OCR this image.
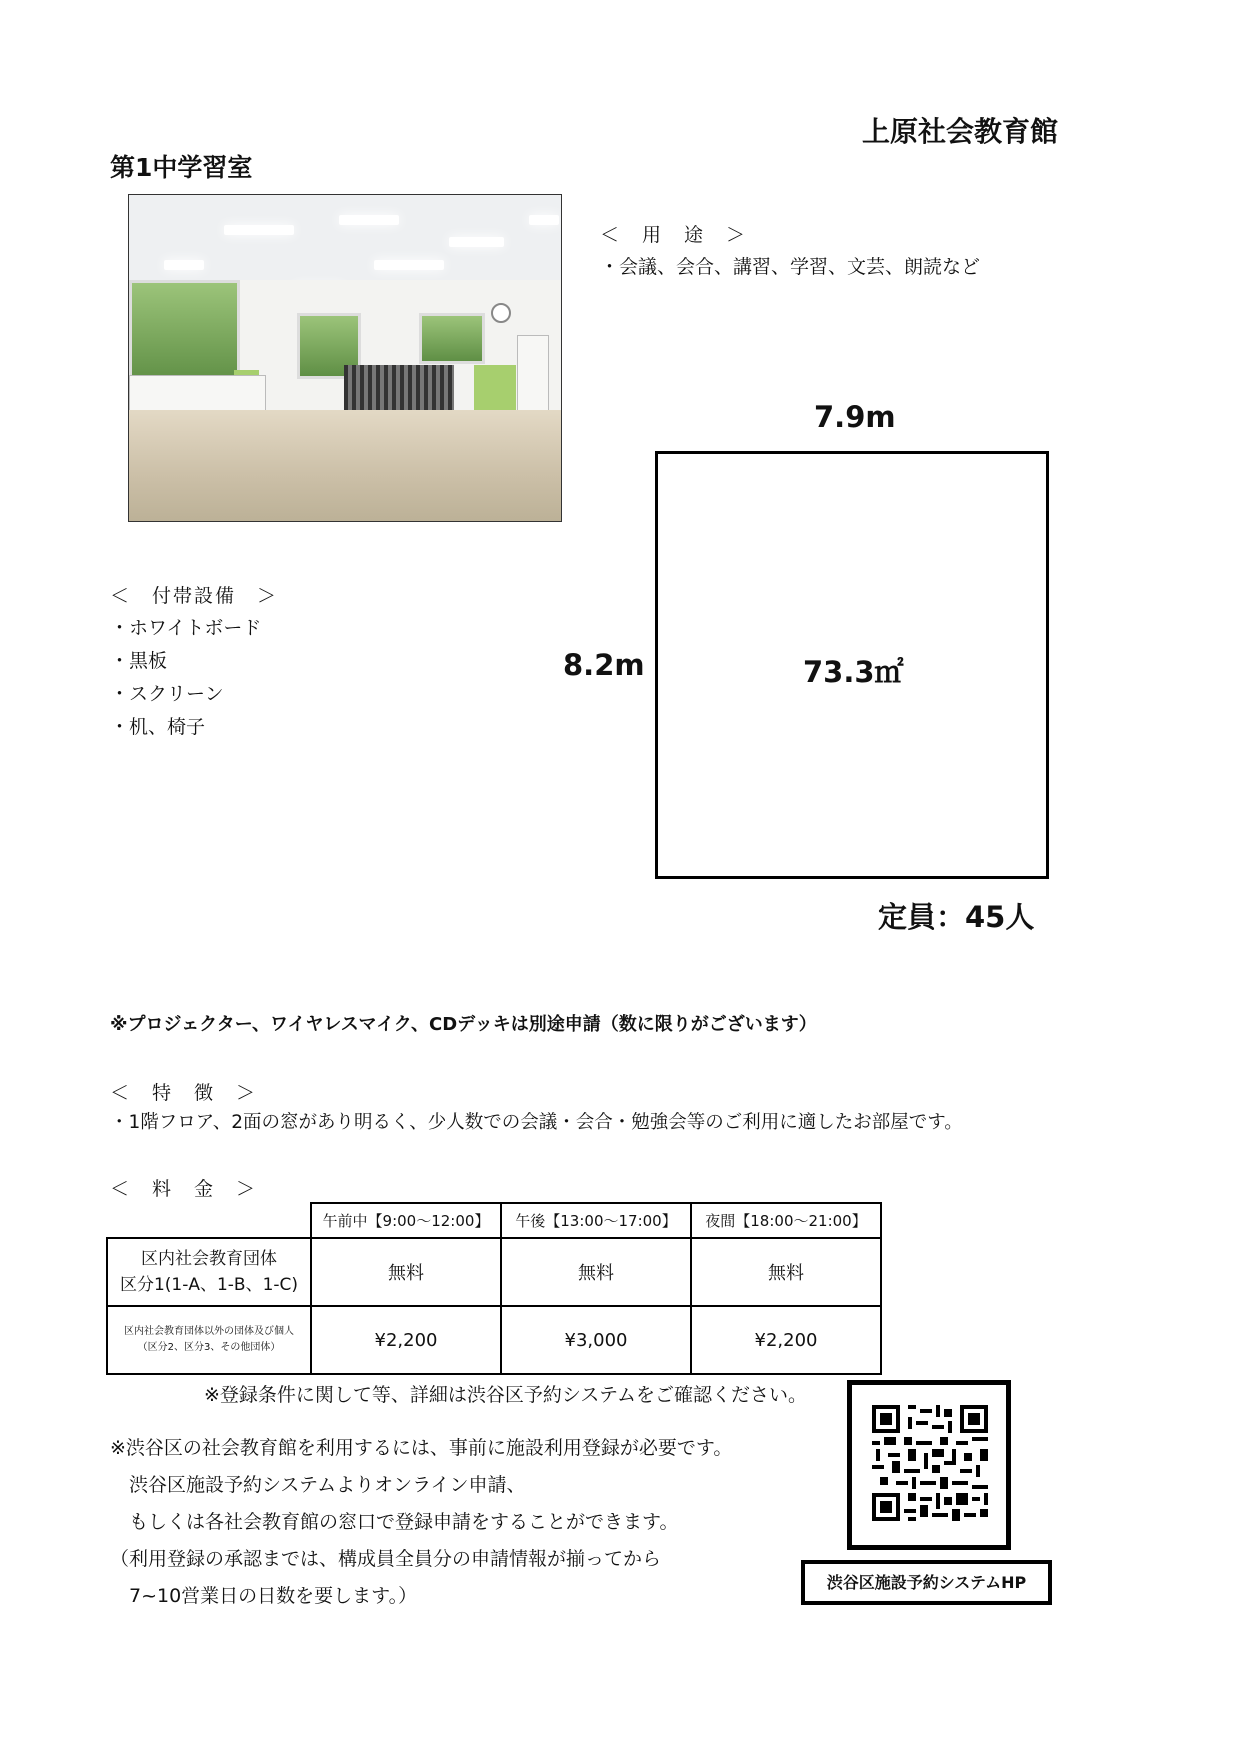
上原社会教育館
第1中学習室
＜　用　途　＞
・会議、会合、講習、学習、文芸、朗読など
7.9m
8.2m	73.3㎡
定員：45人
＜　付帯設備　＞
・ホワイトボード
・黒板
・スクリーン
・机、椅子
※プロジェクター、ワイヤレスマイク、CDデッキは別途申請（数に限りがございます）
＜　特　徴　＞
・1階フロア、2面の窓があり明るく、少人数での会議・会合・勉強会等のご利用に適したお部屋です。
＜　料　金　＞
	午前中【9:00～12:00】	午後【13:00～17:00】	夜間【18:00～21:00】

区内社会教育団体
区分1(1-A、1-B、1-C)	無料	無料	無料

区内社会教育団体以外の団体及び個人
（区分2、区分3、その他団体）	¥2,200	¥3,000	¥2,200
※登録条件に関して等、詳細は渋谷区予約システムをご確認ください。
※渋谷区の社会教育館を利用するには、事前に施設利用登録が必要です。
　渋谷区施設予約システムよりオンライン申請、
　もしくは各社会教育館の窓口で登録申請をすることができます。
（利用登録の承認までは、構成員全員分の申請情報が揃ってから
　7~10営業日の日数を要します。）
渋谷区施設予約システムHP
